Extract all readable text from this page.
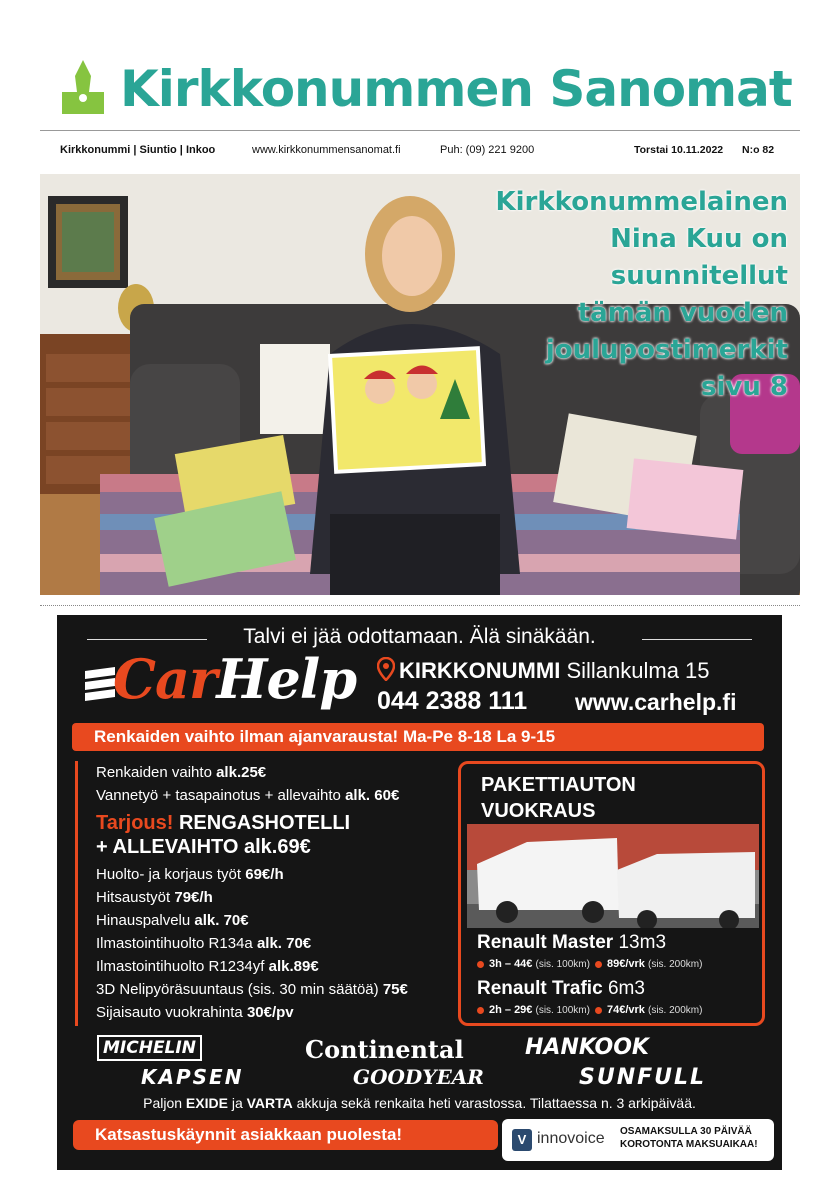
Kirkkonummen Sanomat
Kirkkonummi | Siuntio | Inkoo	www.kirkkonummensanomat.fi	Puh: (09) 221 9200	Torstai 10.11.2022 N:o 82
Kirkkonummelainen
Nina Kuu on
suunnitellut
tämän vuoden
joulupostimerkit
sivu 8
Talvi ei jää odottamaan. Älä sinäkään.
CarHelp	KIRKKONUMMI Sillankulma 15
044 2388 111 www.carhelp.fi
Renkaiden vaihto ilman ajanvarausta! Ma-Pe 8-18 La 9-15
Renkaiden vaihto alk.25€
Vannetyö + tasapainotus + allevaihto alk. 60€
Tarjous! RENGASHOTELLI
+ ALLEVAIHTO alk.69€
Huolto- ja korjaus työt 69€/h
Hitsaustyöt 79€/h
Hinauspalvelu alk. 70€
Ilmastointihuolto R134a alk. 70€
Ilmastointihuolto R1234yf alk.89€
3D Nelipyöräsuuntaus (sis. 30 min säätöä) 75€
Sijaisauto vuokrahinta 30€/pv
PAKETTIAUTON
VUOKRAUS
Renault Master 13m3
3h – 44€ (sis. 100km) 89€/vrk (sis. 200km)
Renault Trafic 6m3
2h – 29€ (sis. 100km) 74€/vrk (sis. 200km)
MICHELIN	Continental	HANKOOK
KAPSEN	GOODYEAR	SUNFULL
Paljon EXIDE ja VARTA akkuja sekä renkaita heti varastossa. Tilattaessa n. 3 arkipäivää.
Katsastuskäynnit asiakkaan puolesta!	V innovoice OSAMAKSULLA 30 PÄIVÄÄ
KOROTONTA MAKSUAIKAA!
